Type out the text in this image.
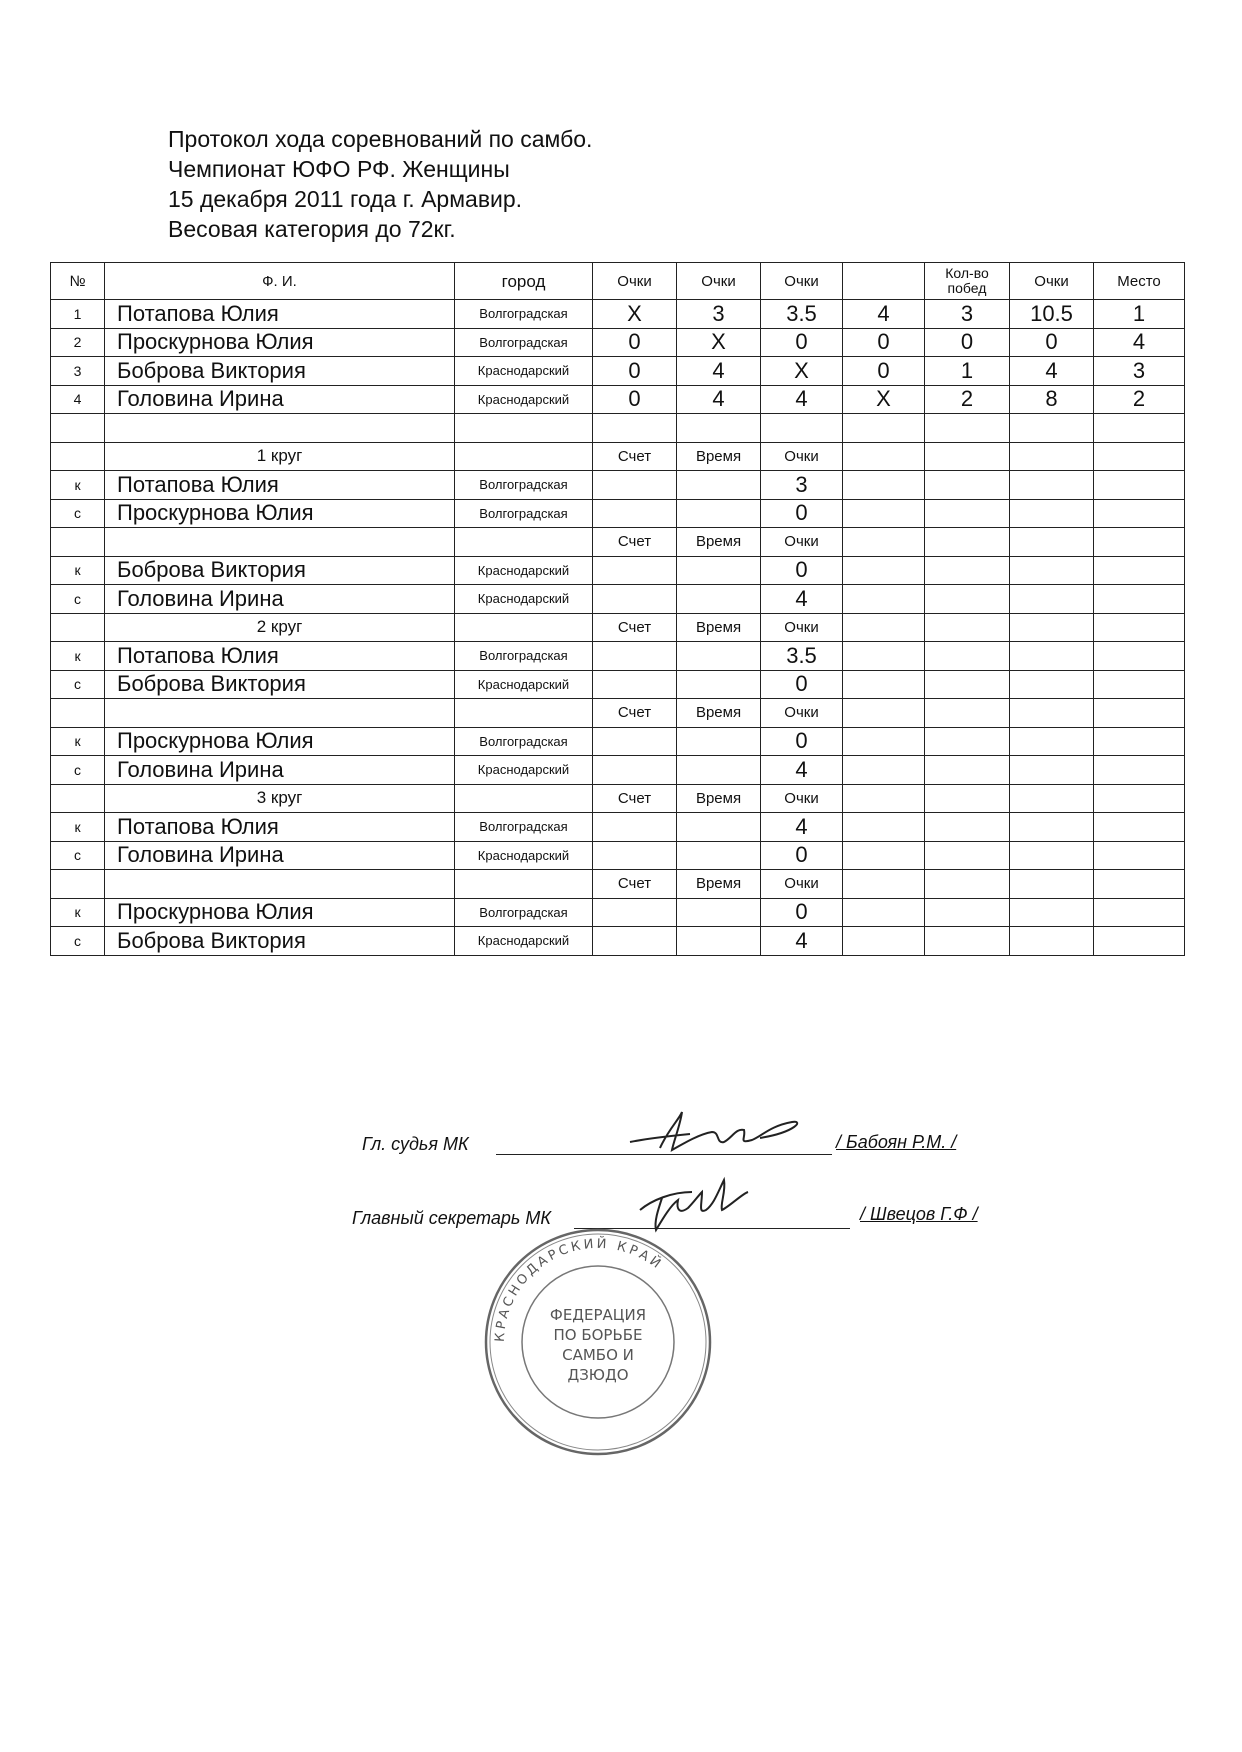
Протокол хода соревнований по самбо.
Чемпионат ЮФО РФ. Женщины
15 декабря 2011 года г. Армавир.
Весовая категория до 72кг.
№	Ф. И.	город	Очки	Очки	Очки		Кол-во побед	Очки	Место
1	Потапова Юлия	Волгоградская	X	3	3.5	4	3	10.5	1
2	Проскурнова Юлия	Волгоградская	0	X	0	0	0	0	4
3	Боброва Виктория	Краснодарский	0	4	X	0	1	4	3
4	Головина Ирина	Краснодарский	0	4	4	X	2	8	2

	1 круг		Счет	Время	Очки				
к	Потапова Юлия	Волгоградская			3				
с	Проскурнова Юлия	Волгоградская			0				
			Счет	Время	Очки				
к	Боброва Виктория	Краснодарский			0				
с	Головина Ирина	Краснодарский			4				
	2 круг		Счет	Время	Очки				
к	Потапова Юлия	Волгоградская			3.5				
с	Боброва Виктория	Краснодарский			0				
			Счет	Время	Очки				
к	Проскурнова Юлия	Волгоградская			0				
с	Головина Ирина	Краснодарский			4				
	3 круг		Счет	Время	Очки				
к	Потапова Юлия	Волгоградская			4				
с	Головина Ирина	Краснодарский			0				
			Счет	Время	Очки				
к	Проскурнова Юлия	Волгоградская			0				
с	Боброва Виктория	Краснодарский			4				
Гл. судья МК	/ Бабоян Р.М. /
Главный секретарь МК	/ Швецов Г.Ф /
КРАСНОДАРСКИЙ КРАЙ
ФЕДЕРАЦИЯ
ПО БОРЬБЕ
САМБО И
ДЗЮДО
